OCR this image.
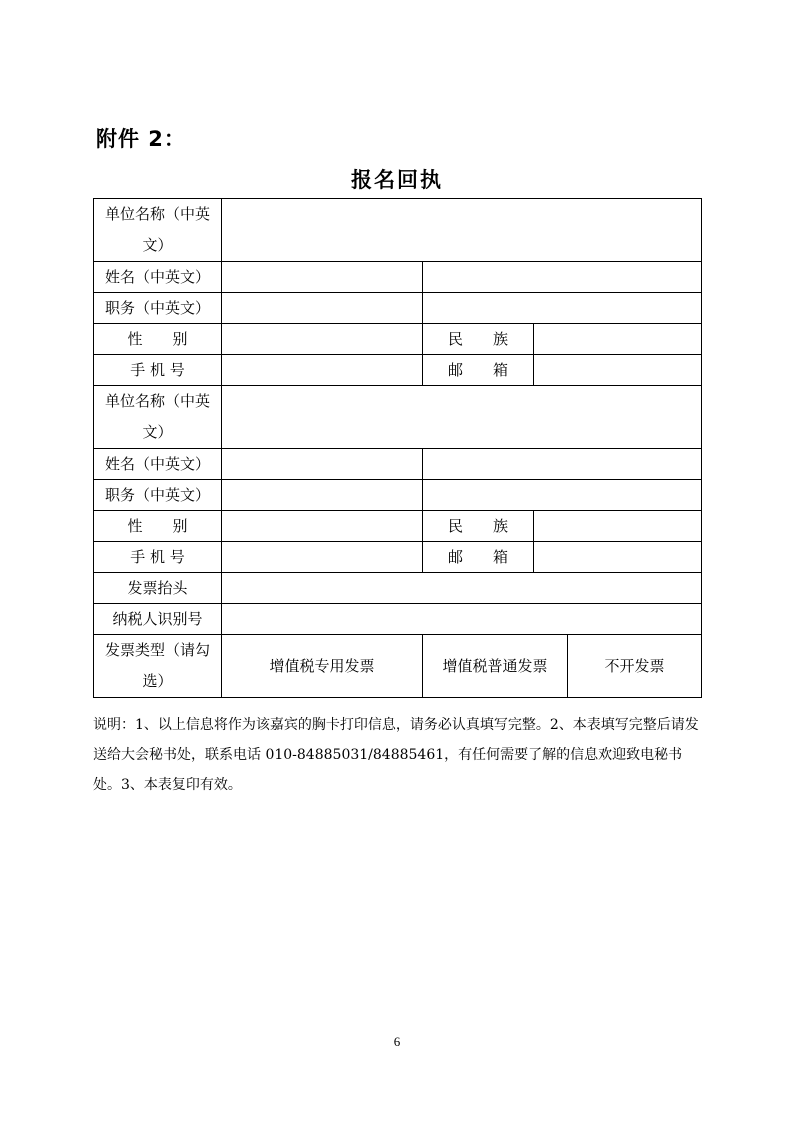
附件 2：
报名回执
单位名称（中英文）				
姓名（中英文）				
职务（中英文）				
性　　别		民　　族		
手 机 号		邮　　箱		
单位名称（中英文）				
姓名（中英文）				
职务（中英文）				
性　　别		民　　族		
手 机 号		邮　　箱		
发票抬头				
纳税人识别号				
发票类型（请勾选）	增值税专用发票	增值税普通发票		不开发票
说明：1、以上信息将作为该嘉宾的胸卡打印信息，请务必认真填写完整。2、本表填写完整后请发送给大会秘书处，联系电话 010-84885031/84885461，有任何需要了解的信息欢迎致电秘书处。3、本表复印有效。
6
